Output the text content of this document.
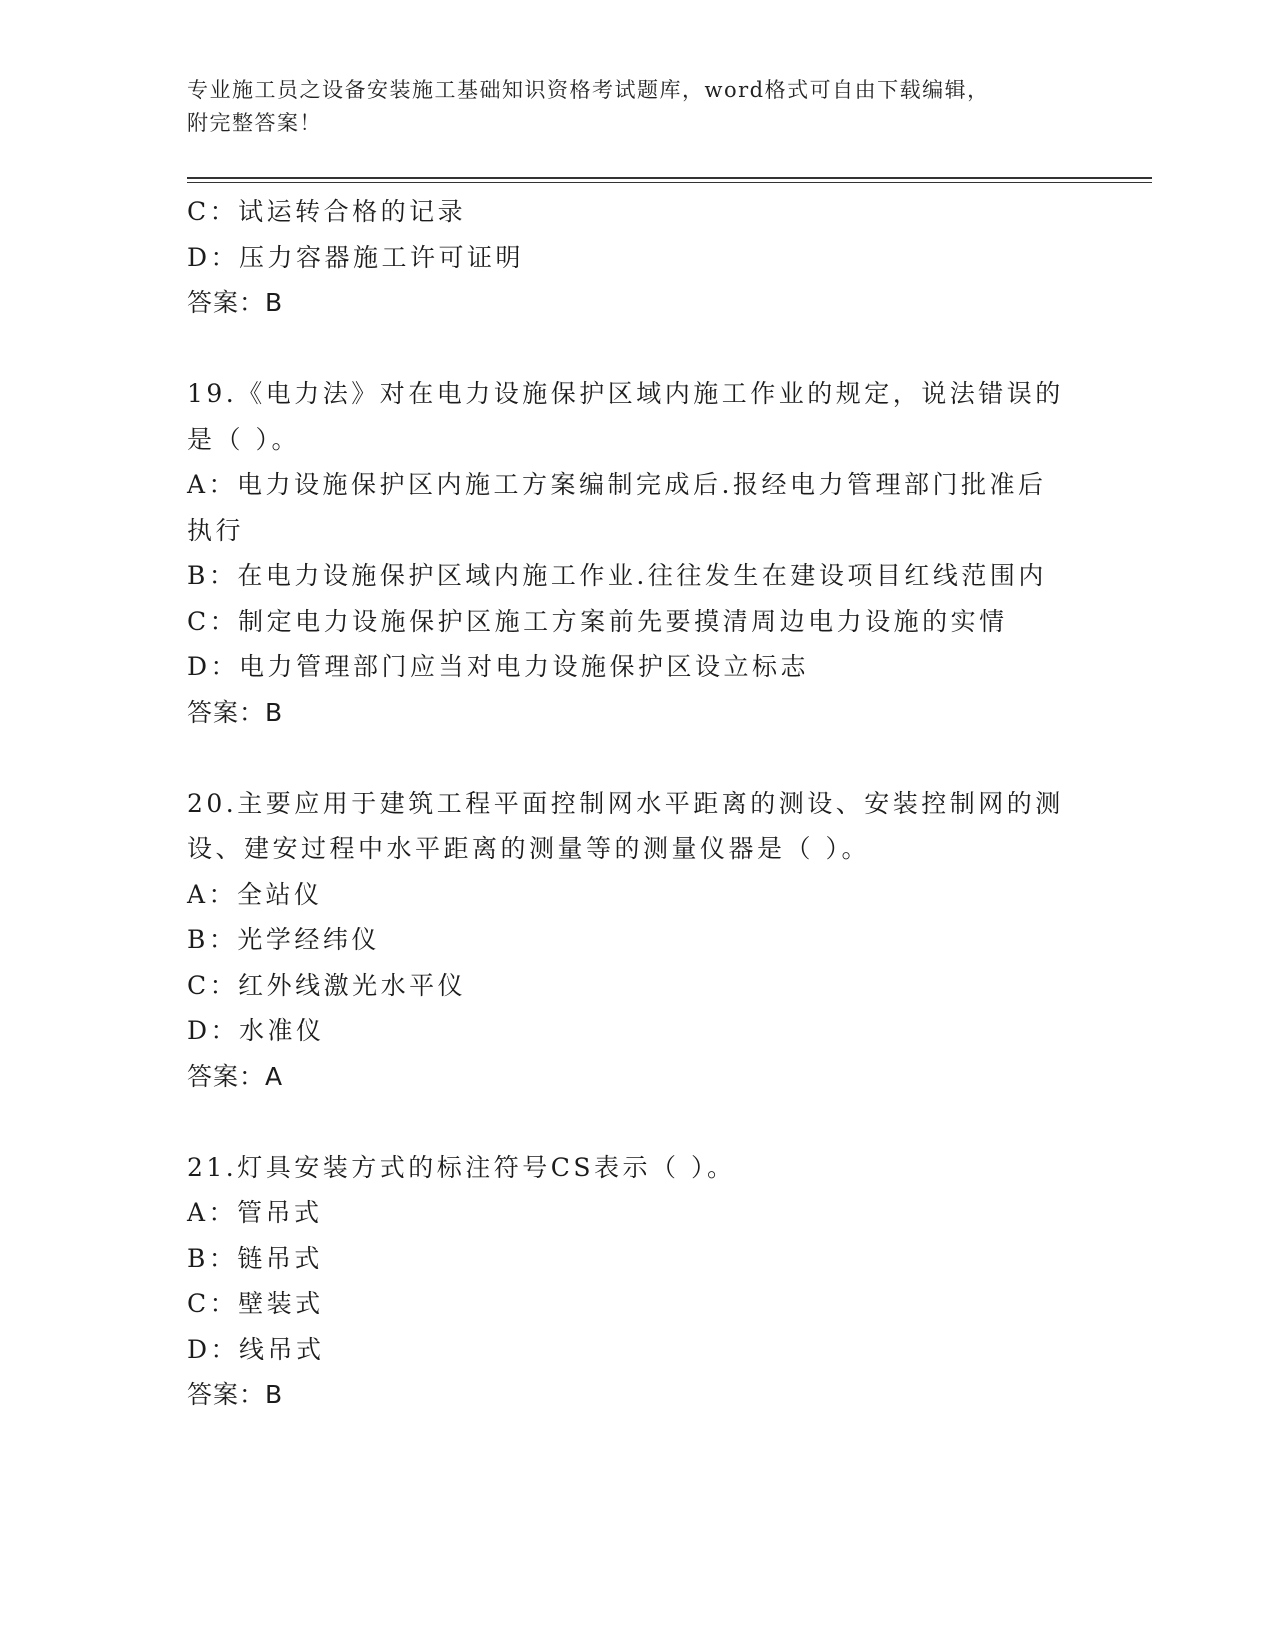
专业施工员之设备安装施工基础知识资格考试题库，word格式可自由下载编辑，
附完整答案！
C：试运转合格的记录
D：压力容器施工许可证明
答案：B
19.《电力法》对在电力设施保护区域内施工作业的规定，说法错误的
是（ ）。
A：电力设施保护区内施工方案编制完成后.报经电力管理部门批准后
执行
B：在电力设施保护区域内施工作业.往往发生在建设项目红线范围内
C：制定电力设施保护区施工方案前先要摸清周边电力设施的实情
D：电力管理部门应当对电力设施保护区设立标志
答案：B
20.主要应用于建筑工程平面控制网水平距离的测设、安装控制网的测
设、建安过程中水平距离的测量等的测量仪器是（ ）。
A：全站仪
B：光学经纬仪
C：红外线激光水平仪
D：水准仪
答案：A
21.灯具安装方式的标注符号CS表示（ ）。
A：管吊式
B：链吊式
C：壁装式
D：线吊式
答案：B
